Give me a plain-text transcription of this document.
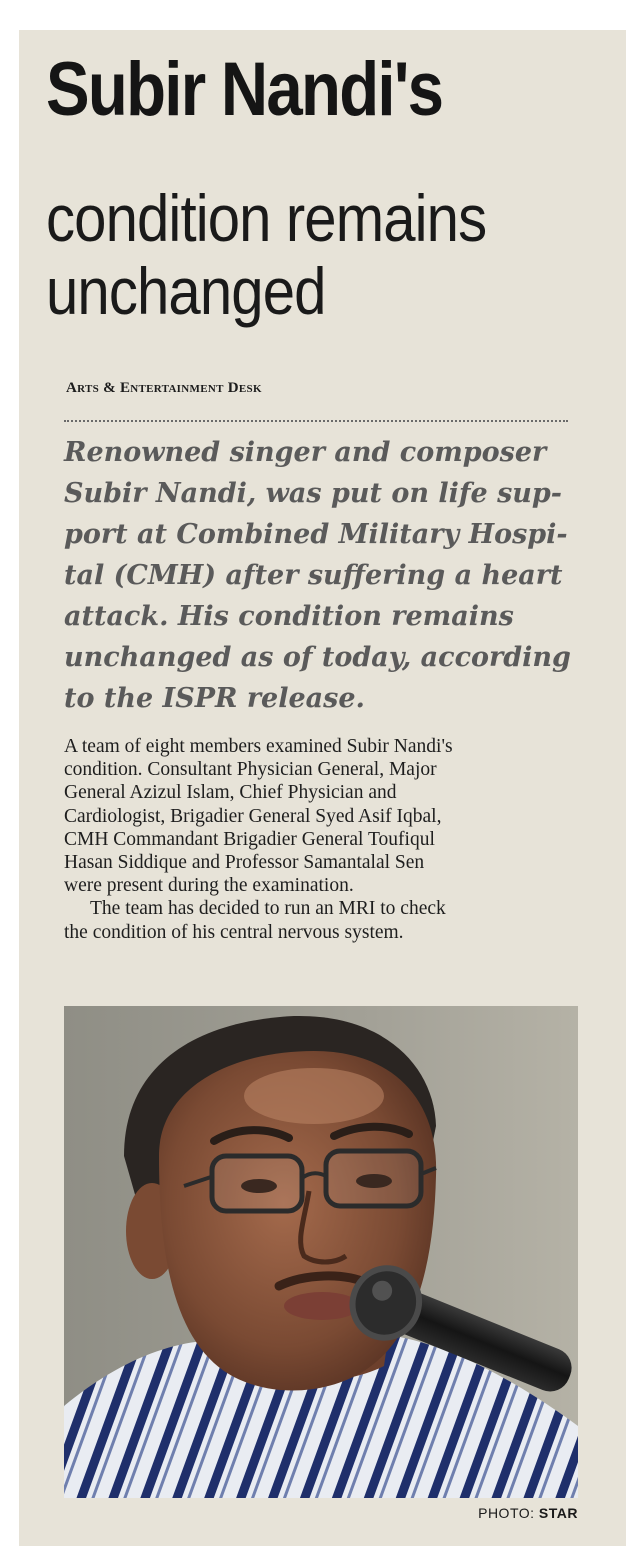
Subir Nandi's
condition remains
unchanged
Arts & Entertainment Desk
Renowned singer and composer
Subir Nandi, was put on life sup-
port at Combined Military Hospi-
tal (CMH) after suffering a heart
attack. His condition remains
unchanged as of today, according
to the ISPR release.
A team of eight members examined Subir Nandi's
condition. Consultant Physician General, Major
General Azizul Islam, Chief Physician and
Cardiologist, Brigadier General Syed Asif Iqbal,
CMH Commandant Brigadier General Toufiqul
Hasan Siddique and Professor Samantalal Sen
were present during the examination.
The team has decided to run an MRI to check
the condition of his central nervous system.
PHOTO: STAR
